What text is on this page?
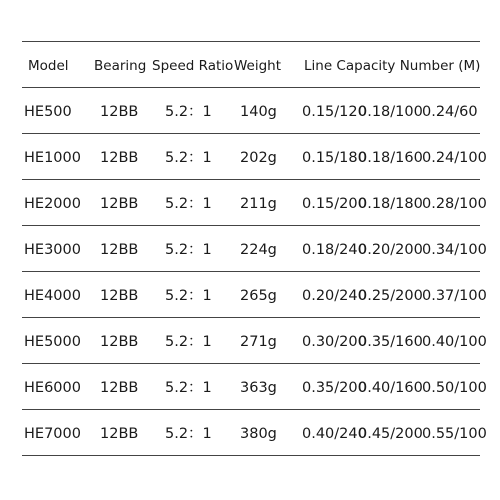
Model Bearing Speed Ratio Weight Line Capacity Number (M)
HE500 12BB 5.2：1 140g 0.15/120
0.18/100 0.24/60
HE1000 12BB 5.2：1 202g 0.15/180
0.18/160 0.24/100
HE2000 12BB 5.2：1 211g 0.15/200
0.18/180 0.28/100
HE3000 12BB 5.2：1 224g 0.18/240
0.20/200 0.34/100
HE4000 12BB 5.2：1 265g 0.20/240
0.25/200 0.37/100
HE5000 12BB 5.2：1 271g 0.30/200
0.35/160 0.40/100
HE6000 12BB 5.2：1 363g 0.35/200
0.40/160 0.50/100
HE7000 12BB 5.2：1 380g 0.40/240
0.45/200 0.55/100
